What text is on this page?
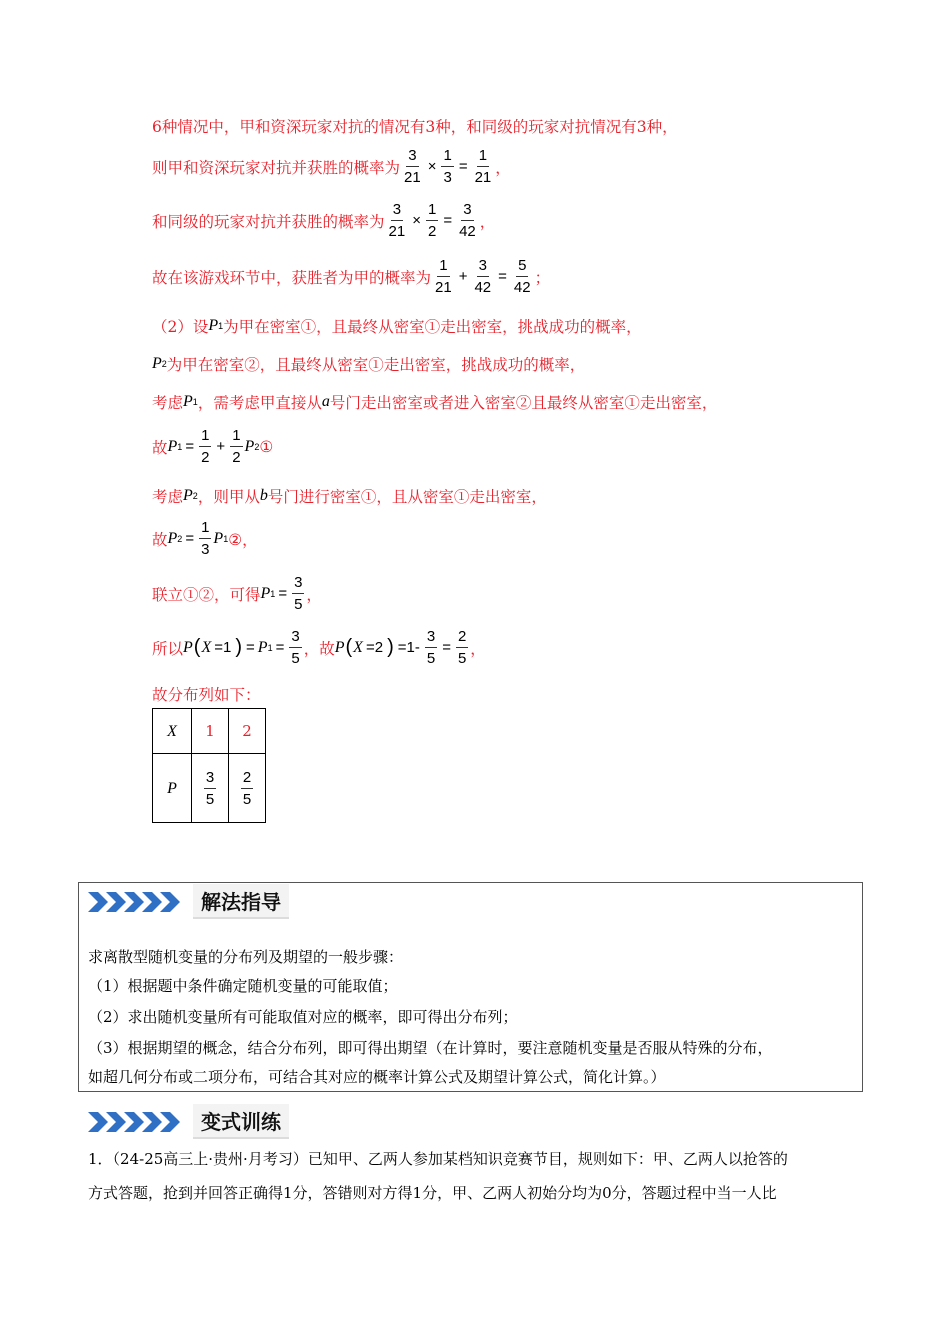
6种情况中，甲和资深玩家对抗的情况有3种，和同级的玩家对抗情况有3种，
则甲和资深玩家对抗并获胜的概率为 $\frac{3}{21} \times \frac{1}{3} = \frac{1}{21}$ ，
和同级的玩家对抗并获胜的概率为 $\frac{3}{21} \times \frac{1}{2} = \frac{3}{42}$ ，
故在该游戏环节中，获胜者为甲的概率为 $\frac{1}{21} + \frac{3}{42} = \frac{5}{42}$ ；
（2）设 P 1 为甲在密室①，且最终从密室①走出密室，挑战成功的概率，
P 2 为甲在密室②，且最终从密室①走出密室，挑战成功的概率，
考虑 P 1 ，需考虑甲直接从 a 号门走出密室或者进入密室②且最终从密室①走出密室，
故 P $1 = \frac{1}{2} + \frac{1}{2}$ P 2 ①
考虑 P 2 ，则甲从 b 号门进行密室①，且从密室①走出密室，
故 P $2 = \frac{1}{3}$ P 1 ②，
联立①②，可得 P $1 = \frac{3}{5}$ ，
所以 P ( X =1 ) = P $1 = \frac{3}{5}$ ，故 P ( X =2 ) $=1- \frac{3}{5} = \frac{2}{5}$ ，
故分布列如下：
X	1	2
P	$\frac{3}{5}$	$\frac{2}{5}$
解法指导
求离散型随机变量的分布列及期望的一般步骤：
（1）根据题中条件确定随机变量的可能取值；
（2）求出随机变量所有可能取值对应的概率，即可得出分布列；
（3）根据期望的概念，结合分布列，即可得出期望（在计算时，要注意随机变量是否服从特殊的分布，
如超几何分布或二项分布，可结合其对应的概率计算公式及期望计算公式，简化计算。）
变式训练
1．（24-25高三上·贵州·月考习）已知甲、乙两人参加某档知识竞赛节目，规则如下：甲、乙两人以抢答的
方式答题，抢到并回答正确得1分，答错则对方得1分，甲、乙两人初始分均为0分，答题过程中当一人比
